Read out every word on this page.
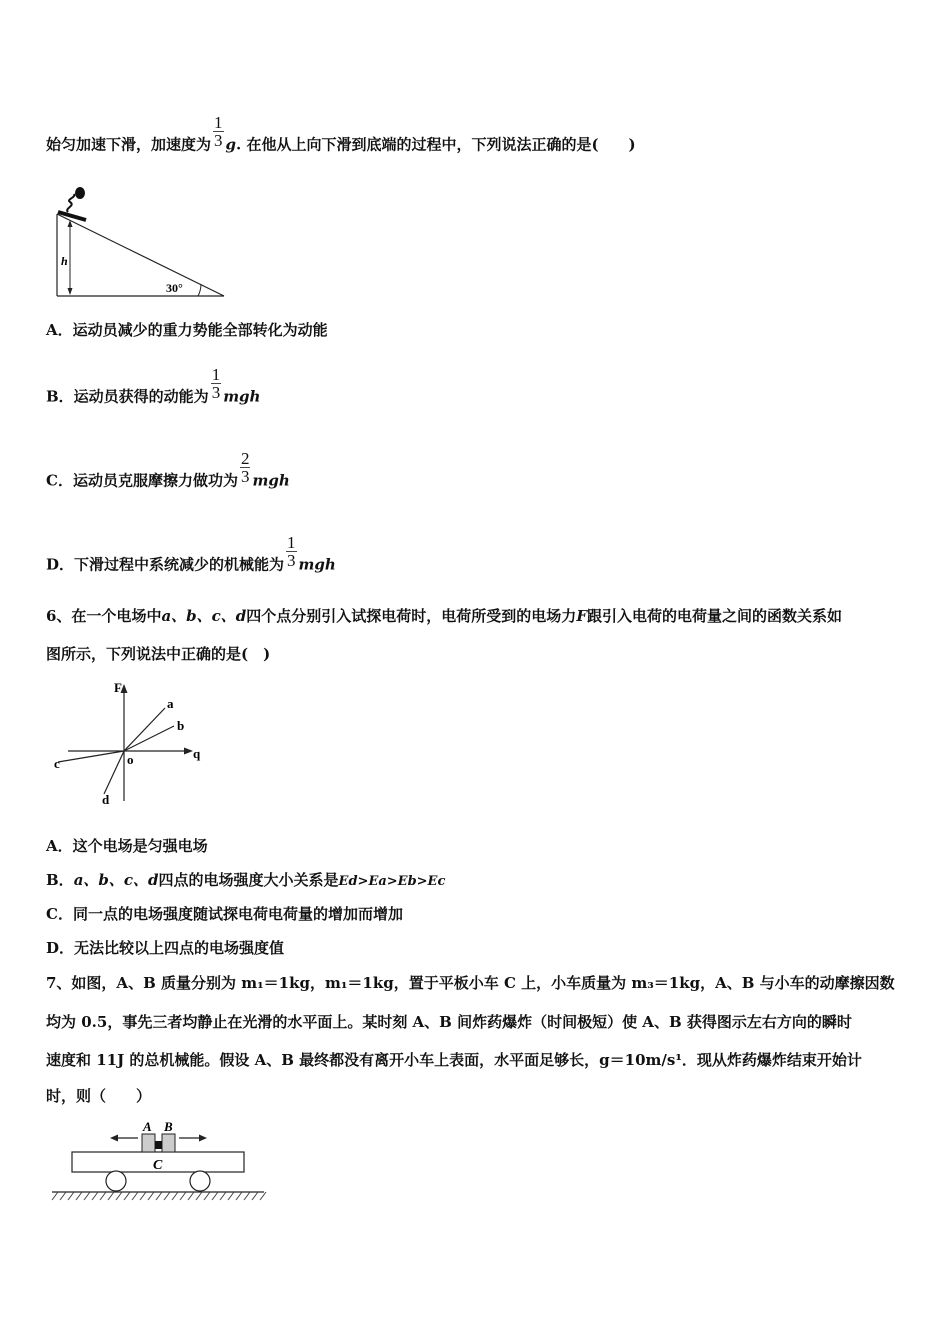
始匀加速下滑，加速度为 $\frac{1}{3} g$. 在他从上向下滑到底端的过程中，下列说法正确的是(　　)
h
30°
A．运动员减少的重力势能全部转化为动能
B．运动员获得的动能为 $\frac{1}{3}$ mgh
C．运动员克服摩擦力做功为 $\frac{2}{3}$ mgh
D．下滑过程中系统减少的机械能为 $\frac{1}{3}$ mgh
6、在一个电场中a、b、c、d四个点分别引入试探电荷时，电荷所受到的电场力F跟引入电荷的电荷量之间的函数关系如
图所示，下列说法中正确的是(　)
F
q
o
a
b
c
d
A．这个电场是匀强电场
B．a、b、c、d四点的电场强度大小关系是Ed>Ea>Eb>Ec
C．同一点的电场强度随试探电荷电荷量的增加而增加
D．无法比较以上四点的电场强度值
7、如图，A、B 质量分别为 m₁＝1kg，m₁＝1kg，置于平板小车 C 上，小车质量为 m₃＝1kg，A、B 与小车的动摩擦因数
均为 0.5，事先三者均静止在光滑的水平面上。某时刻 A、B 间炸药爆炸（时间极短）使 A、B 获得图示左右方向的瞬时
速度和 11J 的总机械能。假设 A、B 最终都没有离开小车上表面，水平面足够长，g＝10m/s¹．现从炸药爆炸结束开始计
时，则（　　）
A B
C
